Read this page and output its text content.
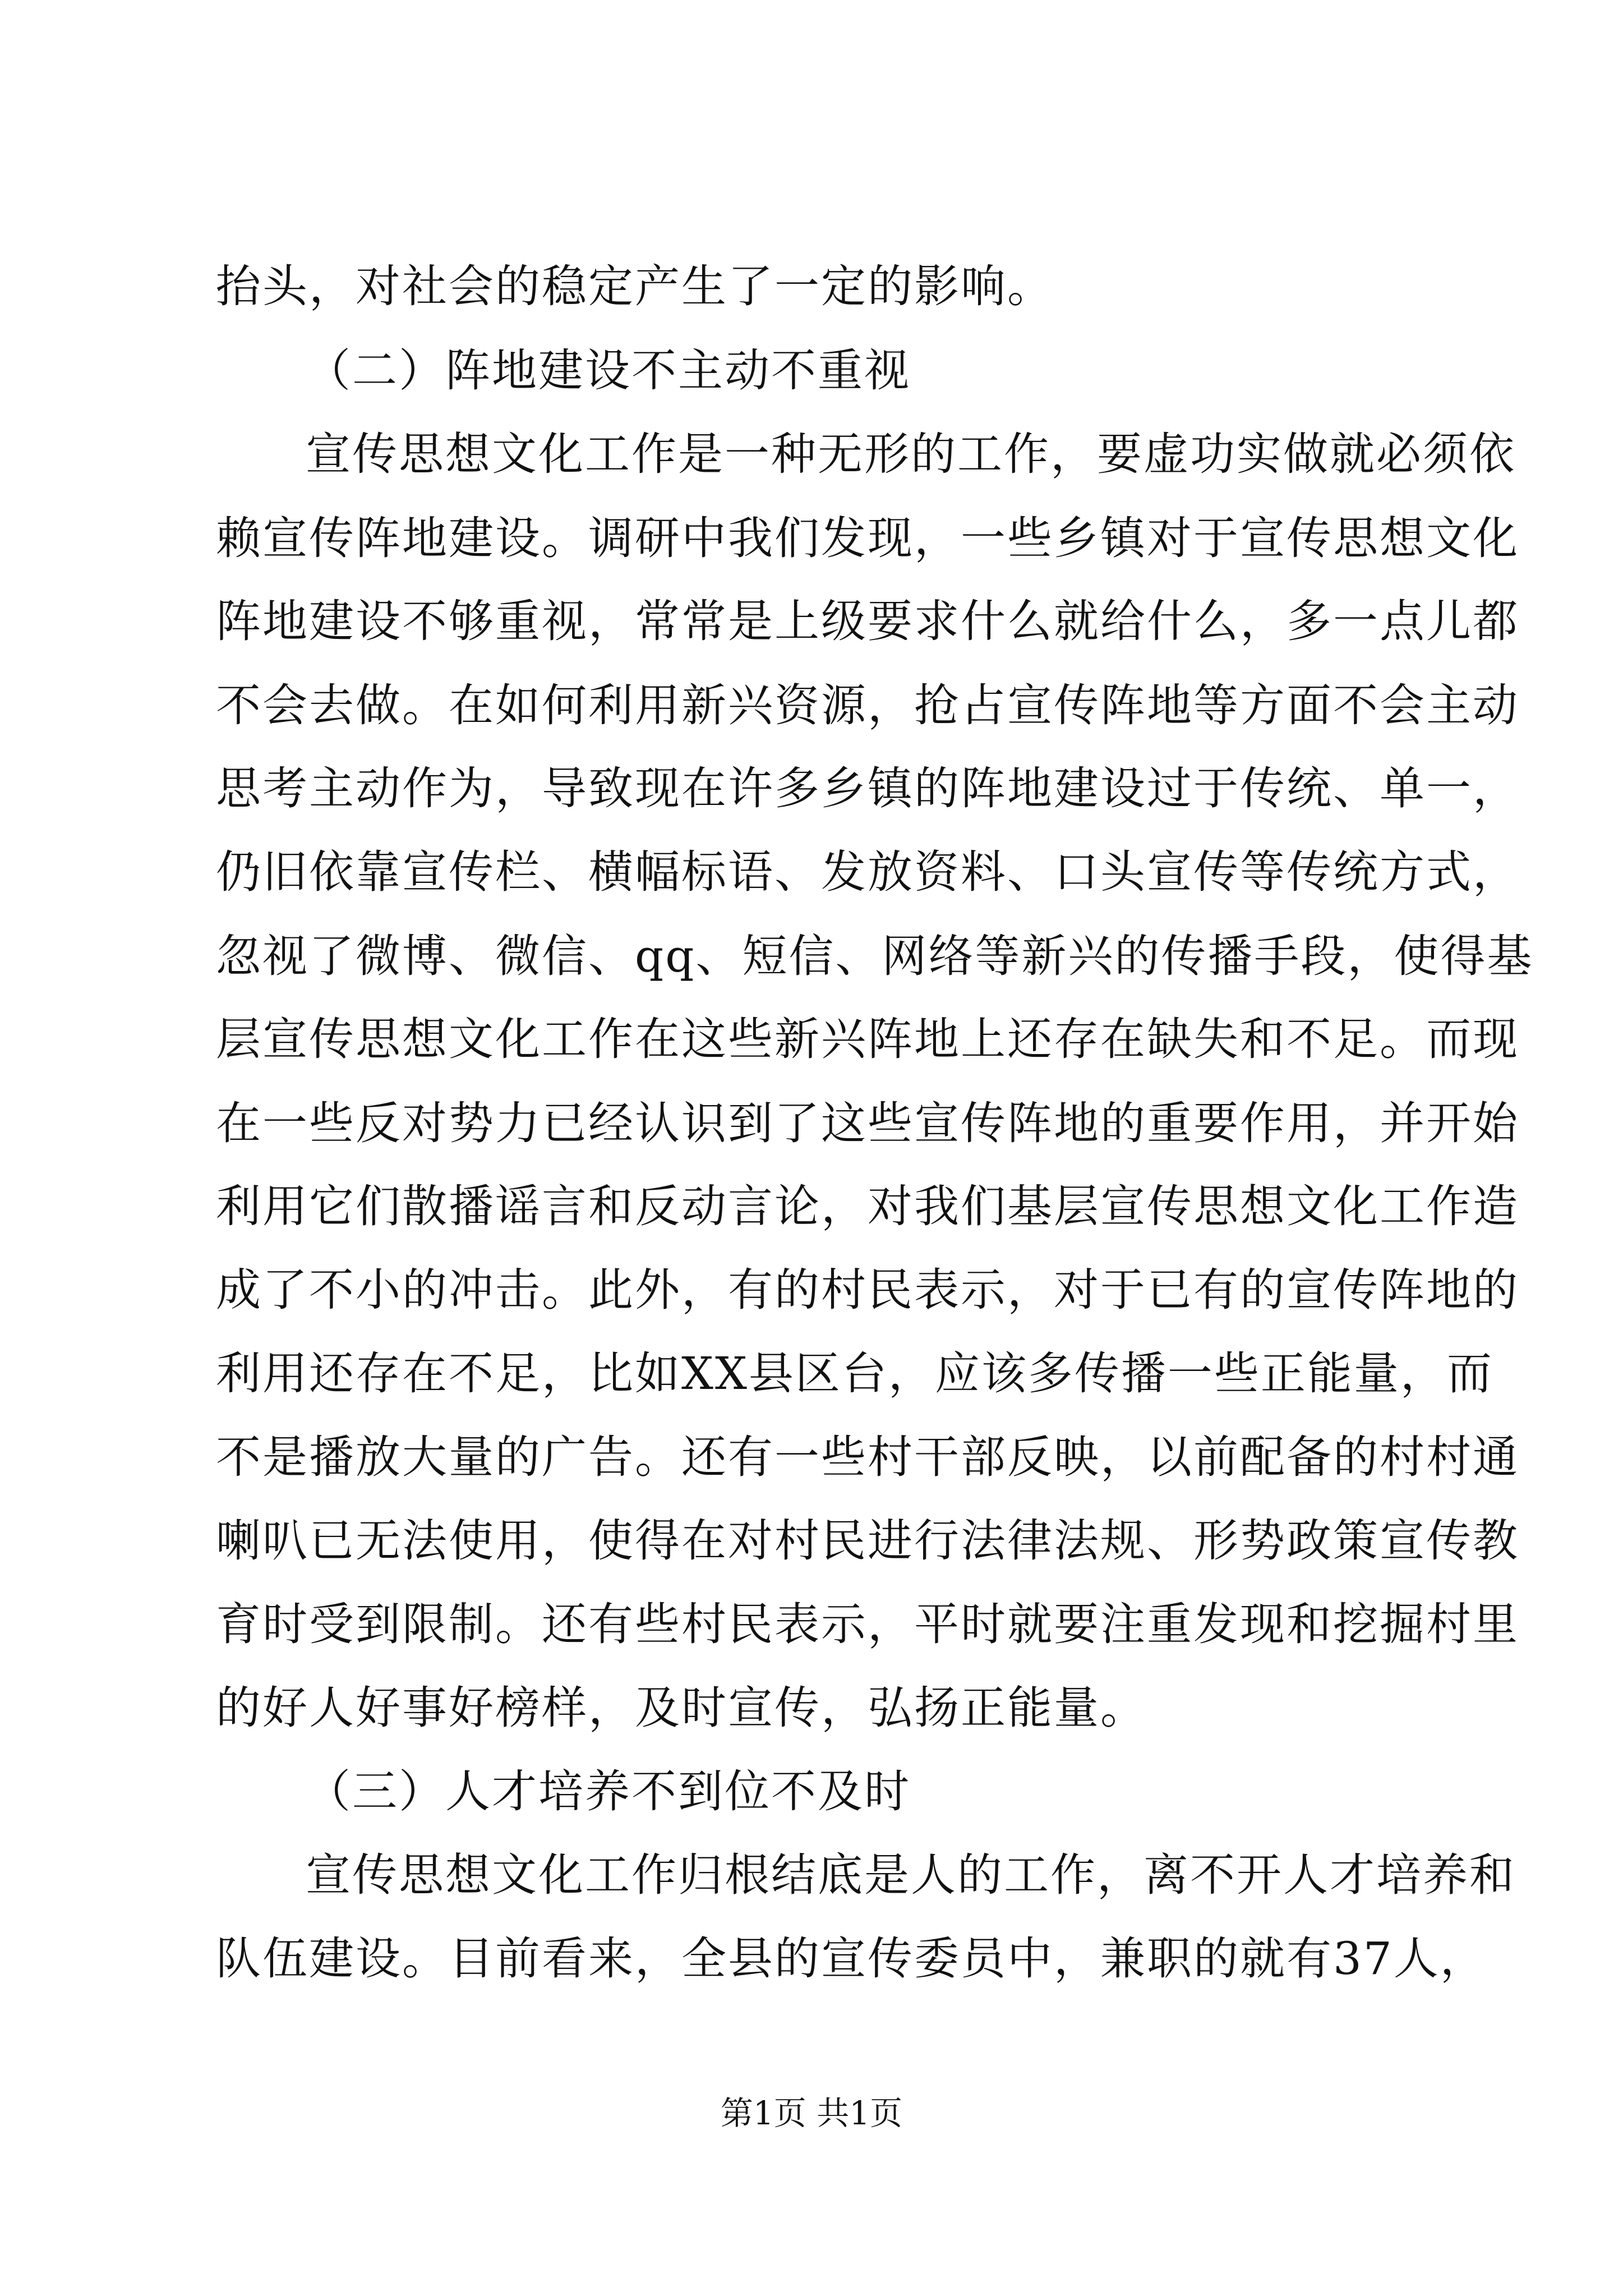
抬头，对社会的稳定产生了一定的影响。
（二）阵地建设不主动不重视
宣传思想文化工作是一种无形的工作，要虚功实做就必须依
赖宣传阵地建设。调研中我们发现，一些乡镇对于宣传思想文化
阵地建设不够重视，常常是上级要求什么就给什么，多一点儿都
不会去做。在如何利用新兴资源，抢占宣传阵地等方面不会主动
思考主动作为，导致现在许多乡镇的阵地建设过于传统、单一，
仍旧依靠宣传栏、横幅标语、发放资料、口头宣传等传统方式，
忽视了微博、微信、qq、短信、网络等新兴的传播手段，使得基
层宣传思想文化工作在这些新兴阵地上还存在缺失和不足。而现
在一些反对势力已经认识到了这些宣传阵地的重要作用，并开始
利用它们散播谣言和反动言论，对我们基层宣传思想文化工作造
成了不小的冲击。此外，有的村民表示，对于已有的宣传阵地的
利用还存在不足，比如XX县区台，应该多传播一些正能量，而
不是播放大量的广告。还有一些村干部反映，以前配备的村村通
喇叭已无法使用，使得在对村民进行法律法规、形势政策宣传教
育时受到限制。还有些村民表示，平时就要注重发现和挖掘村里
的好人好事好榜样，及时宣传，弘扬正能量。
（三）人才培养不到位不及时
宣传思想文化工作归根结底是人的工作，离不开人才培养和
队伍建设。目前看来，全县的宣传委员中，兼职的就有37人，
第1页 共1页
